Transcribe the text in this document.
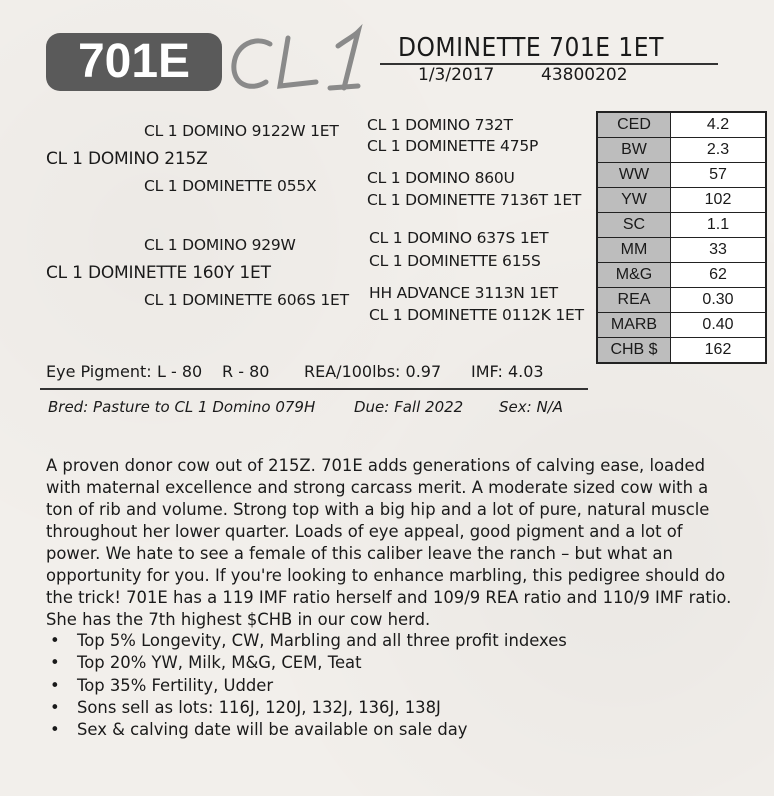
701E	DOMINETTE 701E 1ET
1/3/2017	43800202
CL 1 DOMINO 9122W 1ET
CL 1 DOMINO 215Z
CL 1 DOMINETTE 055X
CL 1 DOMINO 929W
CL 1 DOMINETTE 160Y 1ET
CL 1 DOMINETTE 606S 1ET
CL 1 DOMINO 732T
CL 1 DOMINETTE 475P
CL 1 DOMINO 860U
CL 1 DOMINETTE 7136T 1ET
CL 1 DOMINO 637S 1ET
CL 1 DOMINETTE 615S
HH ADVANCE 3113N 1ET
CL 1 DOMINETTE 0112K 1ET
CED	4.2
BW	2.3
WW	57
YW	102
SC	1.1
MM	33
M&G	62
REA	0.30
MARB	0.40
CHB $	162
Eye Pigment: L - 80 R - 80 REA/100lbs: 0.97 IMF: 4.03
Bred: Pasture to CL 1 Domino 079H	Due: Fall 2022 Sex: N/A
A proven donor cow out of 215Z. 701E adds generations of calving ease, loaded with maternal excellence and strong carcass merit. A moderate sized cow with a ton of rib and volume. Strong top with a big hip and a lot of pure, natural muscle throughout her lower quarter. Loads of eye appeal, good pigment and a lot of power. We hate to see a female of this caliber leave the ranch – but what an opportunity for you. If you're looking to enhance marbling, this pedigree should do the trick! 701E has a 119 IMF ratio herself and 109/9 REA ratio and 110/9 IMF ratio. She has the 7th highest $CHB in our cow herd.
• Top 5% Longevity, CW, Marbling and all three profit indexes
• Top 20% YW, Milk, M&G, CEM, Teat
• Top 35% Fertility, Udder
• Sons sell as lots: 116J, 120J, 132J, 136J, 138J
• Sex & calving date will be available on sale day
